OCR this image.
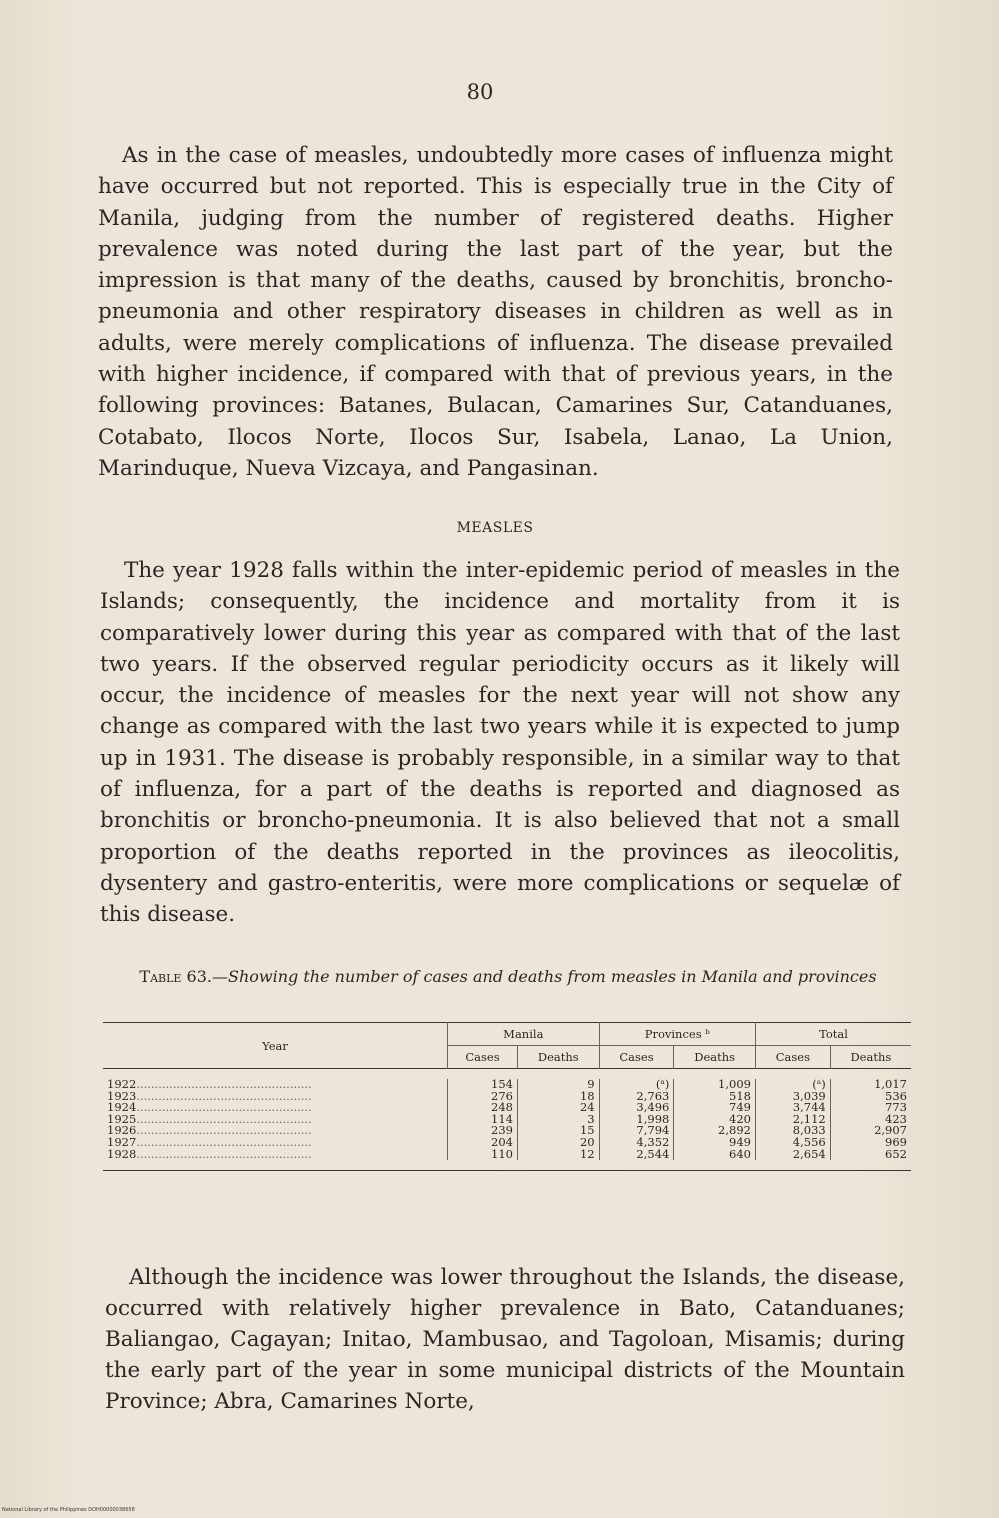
80

As in the case of measles, undoubtedly more cases of influenza might have occurred but not reported. This is especially true in the City of Manila, judging from the number of registered deaths. Higher prevalence was noted during the last part of the year, but the impression is that many of the deaths, caused by bronchitis, broncho-pneumonia and other respiratory diseases in children as well as in adults, were merely complications of influenza. The disease prevailed with higher incidence, if compared with that of previous years, in the following provinces: Batanes, Bulacan, Camarines Sur, Catanduanes, Cotabato, Ilocos Norte, Ilocos Sur, Isabela, Lanao, La Union, Marinduque, Nueva Vizcaya, and Pangasinan.

MEASLES

The year 1928 falls within the inter-epidemic period of measles in the Islands; consequently, the incidence and mortality from it is comparatively lower during this year as compared with that of the last two years. If the observed regular periodicity occurs as it likely will occur, the incidence of measles for the next year will not show any change as compared with the last two years while it is expected to jump up in 1931. The disease is probably responsible, in a similar way to that of influenza, for a part of the deaths is reported and diagnosed as bronchitis or broncho-pneumonia. It is also believed that not a small proportion of the deaths reported in the provinces as ileocolitis, dysentery and gastro-enteritis, were more complications or sequelæ of this disease.

Table 63.—Showing the number of cases and deaths from measles in Manila and provinces
Year	Manila		Provinces ᵇ		Total	
	Cases	Deaths	Cases	Deaths	Cases	Deaths

1922................................................	154	9	(ᵃ)	1,009	(ᵃ)	1,017
1923................................................	276	18	2,763	518	3,039	536
1924................................................	248	24	3,496	749	3,744	773
1925................................................	114	3	1,998	420	2,112	423
1926................................................	239	15	7,794	2,892	8,033	2,907
1927................................................	204	20	4,352	949	4,556	969
1928................................................	110	12	2,544	640	2,654	652

Although the incidence was lower throughout the Islands, the disease, occurred with relatively higher prevalence in Bato, Catanduanes; Baliangao, Cagayan; Initao, Mambusao, and Tagoloan, Misamis; during the early part of the year in some municipal districts of the Mountain Province; Abra, Camarines Norte,

National Library of the Philippines DOH00000038658
